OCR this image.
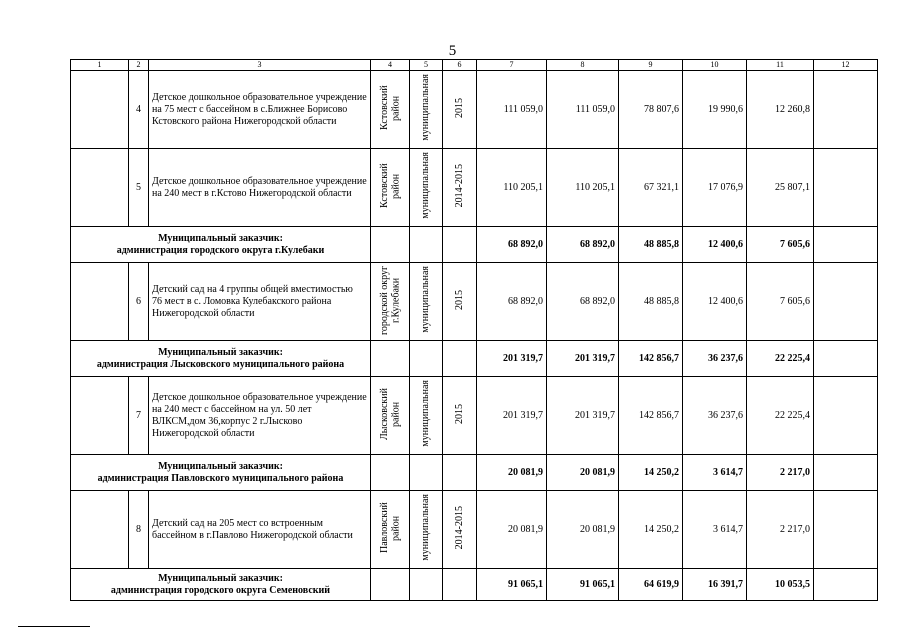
5
1	2	3	4	5	6	7	8	9	10	11	12
	4	Детское дошкольное образовательное учреждение на 75 мест с бассейном в с.Ближнее Борисово Кстовского района Нижегородской области	Кстовский район	муниципальная	2015	111 059,0	111 059,0	78 807,6	19 990,6	12 260,8	
	5	Детское дошкольное образовательное учреждение на 240 мест в г.Кстово Нижегородской области	Кстовский район	муниципальная	2014-2015	110 205,1	110 205,1	67 321,1	17 076,9	25 807,1	
Муниципальный заказчик:
администрация городского округа г.Кулебаки						68 892,0	68 892,0	48 885,8	12 400,6	7 605,6	
	6	Детский сад на 4 группы общей вместимостью
76 мест в с. Ломовка Кулебакского района Нижегородской области	городской округ г.Кулебаки	муниципальная	2015	68 892,0	68 892,0	48 885,8	12 400,6	7 605,6	
Муниципальный заказчик:
администрация Лысковского муниципального района						201 319,7	201 319,7	142 856,7	36 237,6	22 225,4	
	7	Детское дошкольное образовательное учреждение на 240 мест с бассейном на ул. 50 лет ВЛКСМ,дом 36,корпус 2 г.Лысково Нижегородской области	Лысковский район	муниципальная	2015	201 319,7	201 319,7	142 856,7	36 237,6	22 225,4	
Муниципальный заказчик:
администрация Павловского муниципального района						20 081,9	20 081,9	14 250,2	3 614,7	2 217,0	
	8	Детский сад на 205 мест со встроенным бассейном в г.Павлово Нижегородской области	Павловский район	муниципальная	2014-2015	20 081,9	20 081,9	14 250,2	3 614,7	2 217,0	
Муниципальный заказчик:
администрация городского округа Семеновский						91 065,1	91 065,1	64 619,9	16 391,7	10 053,5	
